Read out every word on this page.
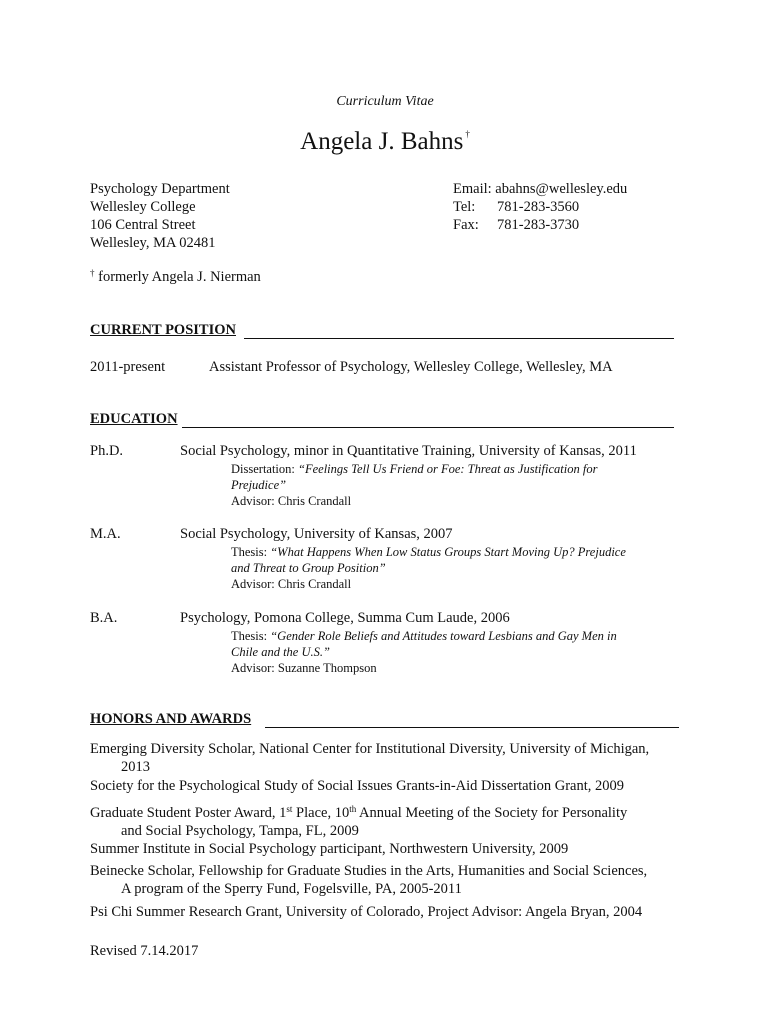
Curriculum Vitae
Angela J. Bahns †
Psychology Department
Wellesley College
106 Central Street
Wellesley, MA 02481
Email: abahns@wellesley.edu
Tel: 781-283-3560
Fax: 781-283-3730
† formerly Angela J. Nierman
CURRENT POSITION
2011-present	Assistant Professor of Psychology, Wellesley College, Wellesley, MA
EDUCATION
Ph.D.	Social Psychology, minor in Quantitative Training, University of Kansas, 2011
Dissertation: “Feelings Tell Us Friend or Foe: Threat as Justification for
Prejudice”
Advisor: Chris Crandall
M.A.	Social Psychology, University of Kansas, 2007
Thesis: “What Happens When Low Status Groups Start Moving Up? Prejudice
and Threat to Group Position”
Advisor: Chris Crandall
B.A.	Psychology, Pomona College, Summa Cum Laude, 2006
Thesis: “Gender Role Beliefs and Attitudes toward Lesbians and Gay Men in
Chile and the U.S.”
Advisor: Suzanne Thompson
HONORS AND AWARDS
Emerging Diversity Scholar, National Center for Institutional Diversity, University of Michigan,
2013
Society for the Psychological Study of Social Issues Grants-in-Aid Dissertation Grant, 2009
Graduate Student Poster Award, 1st Place, 10th Annual Meeting of the Society for Personality
and Social Psychology, Tampa, FL, 2009
Summer Institute in Social Psychology participant, Northwestern University, 2009
Beinecke Scholar, Fellowship for Graduate Studies in the Arts, Humanities and Social Sciences,
A program of the Sperry Fund, Fogelsville, PA, 2005-2011
Psi Chi Summer Research Grant, University of Colorado, Project Advisor: Angela Bryan, 2004
Revised 7.14.2017
